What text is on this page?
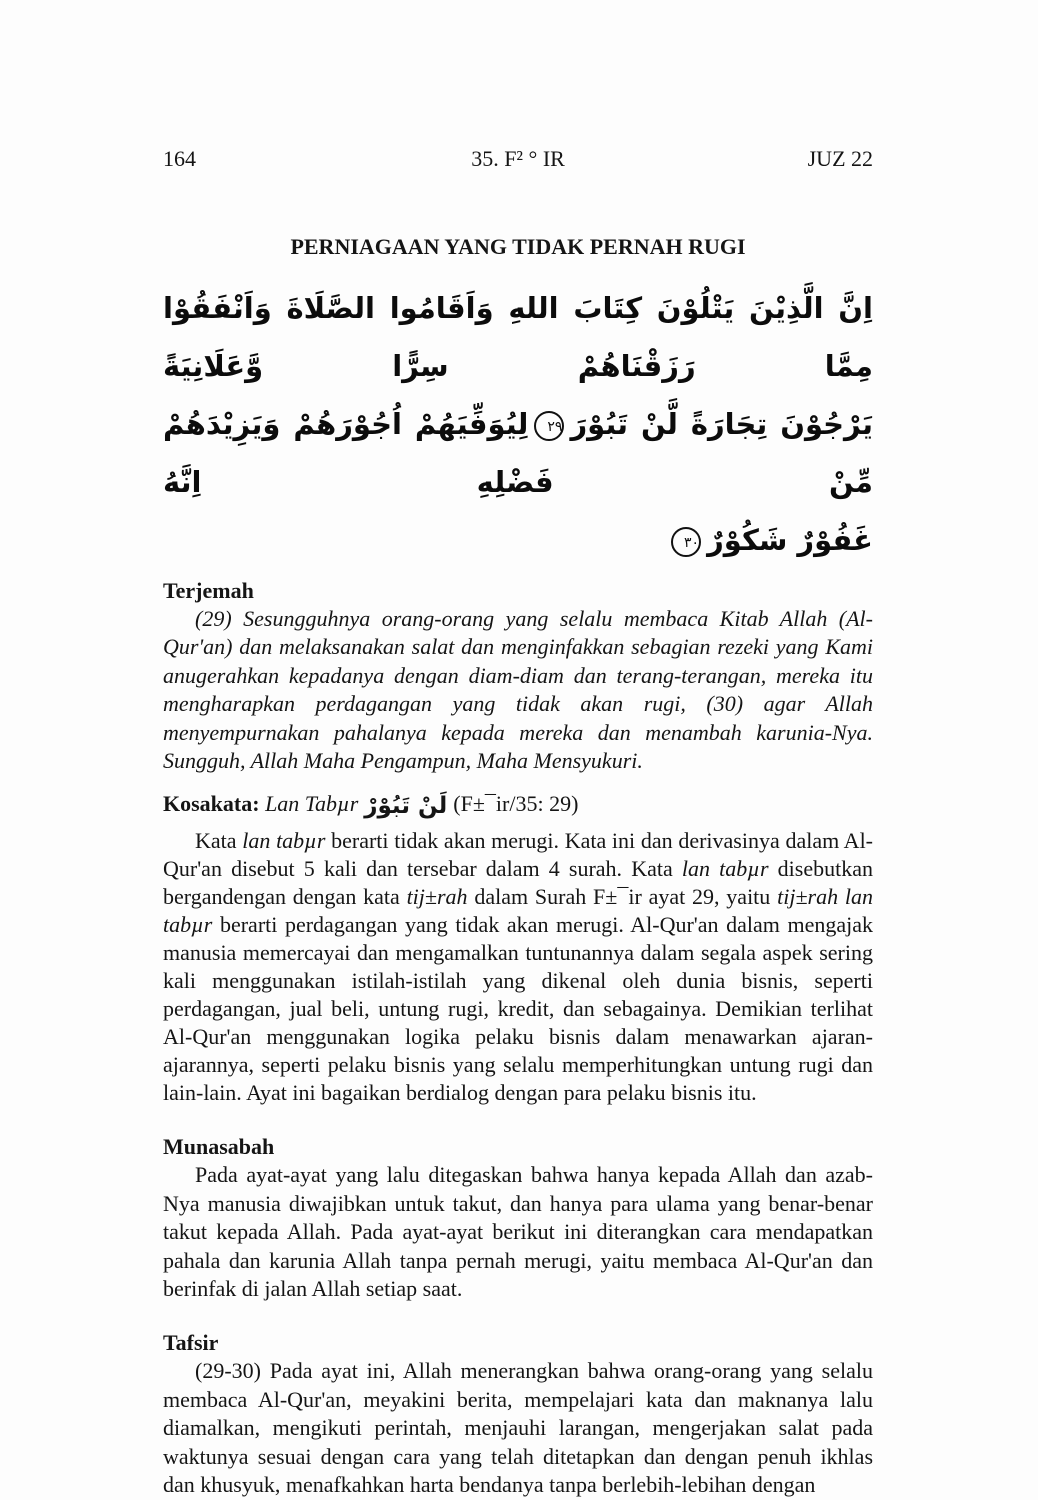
164	35. F² ° IR	JUZ 22
PERNIAGAAN YANG TIDAK PERNAH RUGI
اِنَّ الَّذِيْنَ يَتْلُوْنَ كِتَابَ اللهِ وَاَقَامُوا الصَّلَاةَ وَاَنْفَقُوْا مِمَّا رَزَقْنَاهُمْ سِرًّا وَّعَلَانِيَةً
يَرْجُوْنَ تِجَارَةً لَّنْ تَبُوْرَ٢٩لِيُوَفِّيَهُمْ اُجُوْرَهُمْ وَيَزِيْدَهُمْ مِّنْ فَضْلِهِ اِنَّهُ
غَفُوْرٌ شَكُوْرٌ٣٠
Terjemah

(29) Sesungguhnya orang-orang yang selalu membaca Kitab Allah (Al-Qur'an) dan melaksanakan salat dan menginfakkan sebagian rezeki yang Kami anugerahkan kepadanya dengan diam-diam dan terang-terangan, mereka itu mengharapkan perdagangan yang tidak akan rugi, (30) agar Allah menyempurnakan pahalanya kepada mereka dan menambah karunia-Nya. Sungguh, Allah Maha Pengampun, Maha Mensyukuri.

Kosakata: Lan Tabµr لَنْ تَبُوْرْ (F±¯ir/35: 29)

Kata lan tabµr berarti tidak akan merugi. Kata ini dan derivasinya dalam Al-Qur'an disebut 5 kali dan tersebar dalam 4 surah. Kata lan tabµr disebutkan bergandengan dengan kata tij±rah dalam Surah F±¯ir ayat 29, yaitu tij±rah lan tabµr berarti perdagangan yang tidak akan merugi. Al-Qur'an dalam mengajak manusia memercayai dan mengamalkan tuntunannya dalam segala aspek sering kali menggunakan istilah-istilah yang dikenal oleh dunia bisnis, seperti perdagangan, jual beli, untung rugi, kredit, dan sebagainya. Demikian terlihat Al-Qur'an menggunakan logika pelaku bisnis dalam menawarkan ajaran-ajarannya, seperti pelaku bisnis yang selalu memperhitungkan untung rugi dan lain-lain. Ayat ini bagaikan berdialog dengan para pelaku bisnis itu.

Munasabah

Pada ayat-ayat yang lalu ditegaskan bahwa hanya kepada Allah dan azab-Nya manusia diwajibkan untuk takut, dan hanya para ulama yang benar-benar takut kepada Allah. Pada ayat-ayat berikut ini diterangkan cara mendapatkan pahala dan karunia Allah tanpa pernah merugi, yaitu membaca Al-Qur'an dan berinfak di jalan Allah setiap saat.

Tafsir

(29-30) Pada ayat ini, Allah menerangkan bahwa orang-orang yang selalu membaca Al-Qur'an, meyakini berita, mempelajari kata dan maknanya lalu diamalkan, mengikuti perintah, menjauhi larangan, mengerjakan salat pada waktunya sesuai dengan cara yang telah ditetapkan dan dengan penuh ikhlas dan khusyuk, menafkahkan harta bendanya tanpa berlebih-lebihan dengan
